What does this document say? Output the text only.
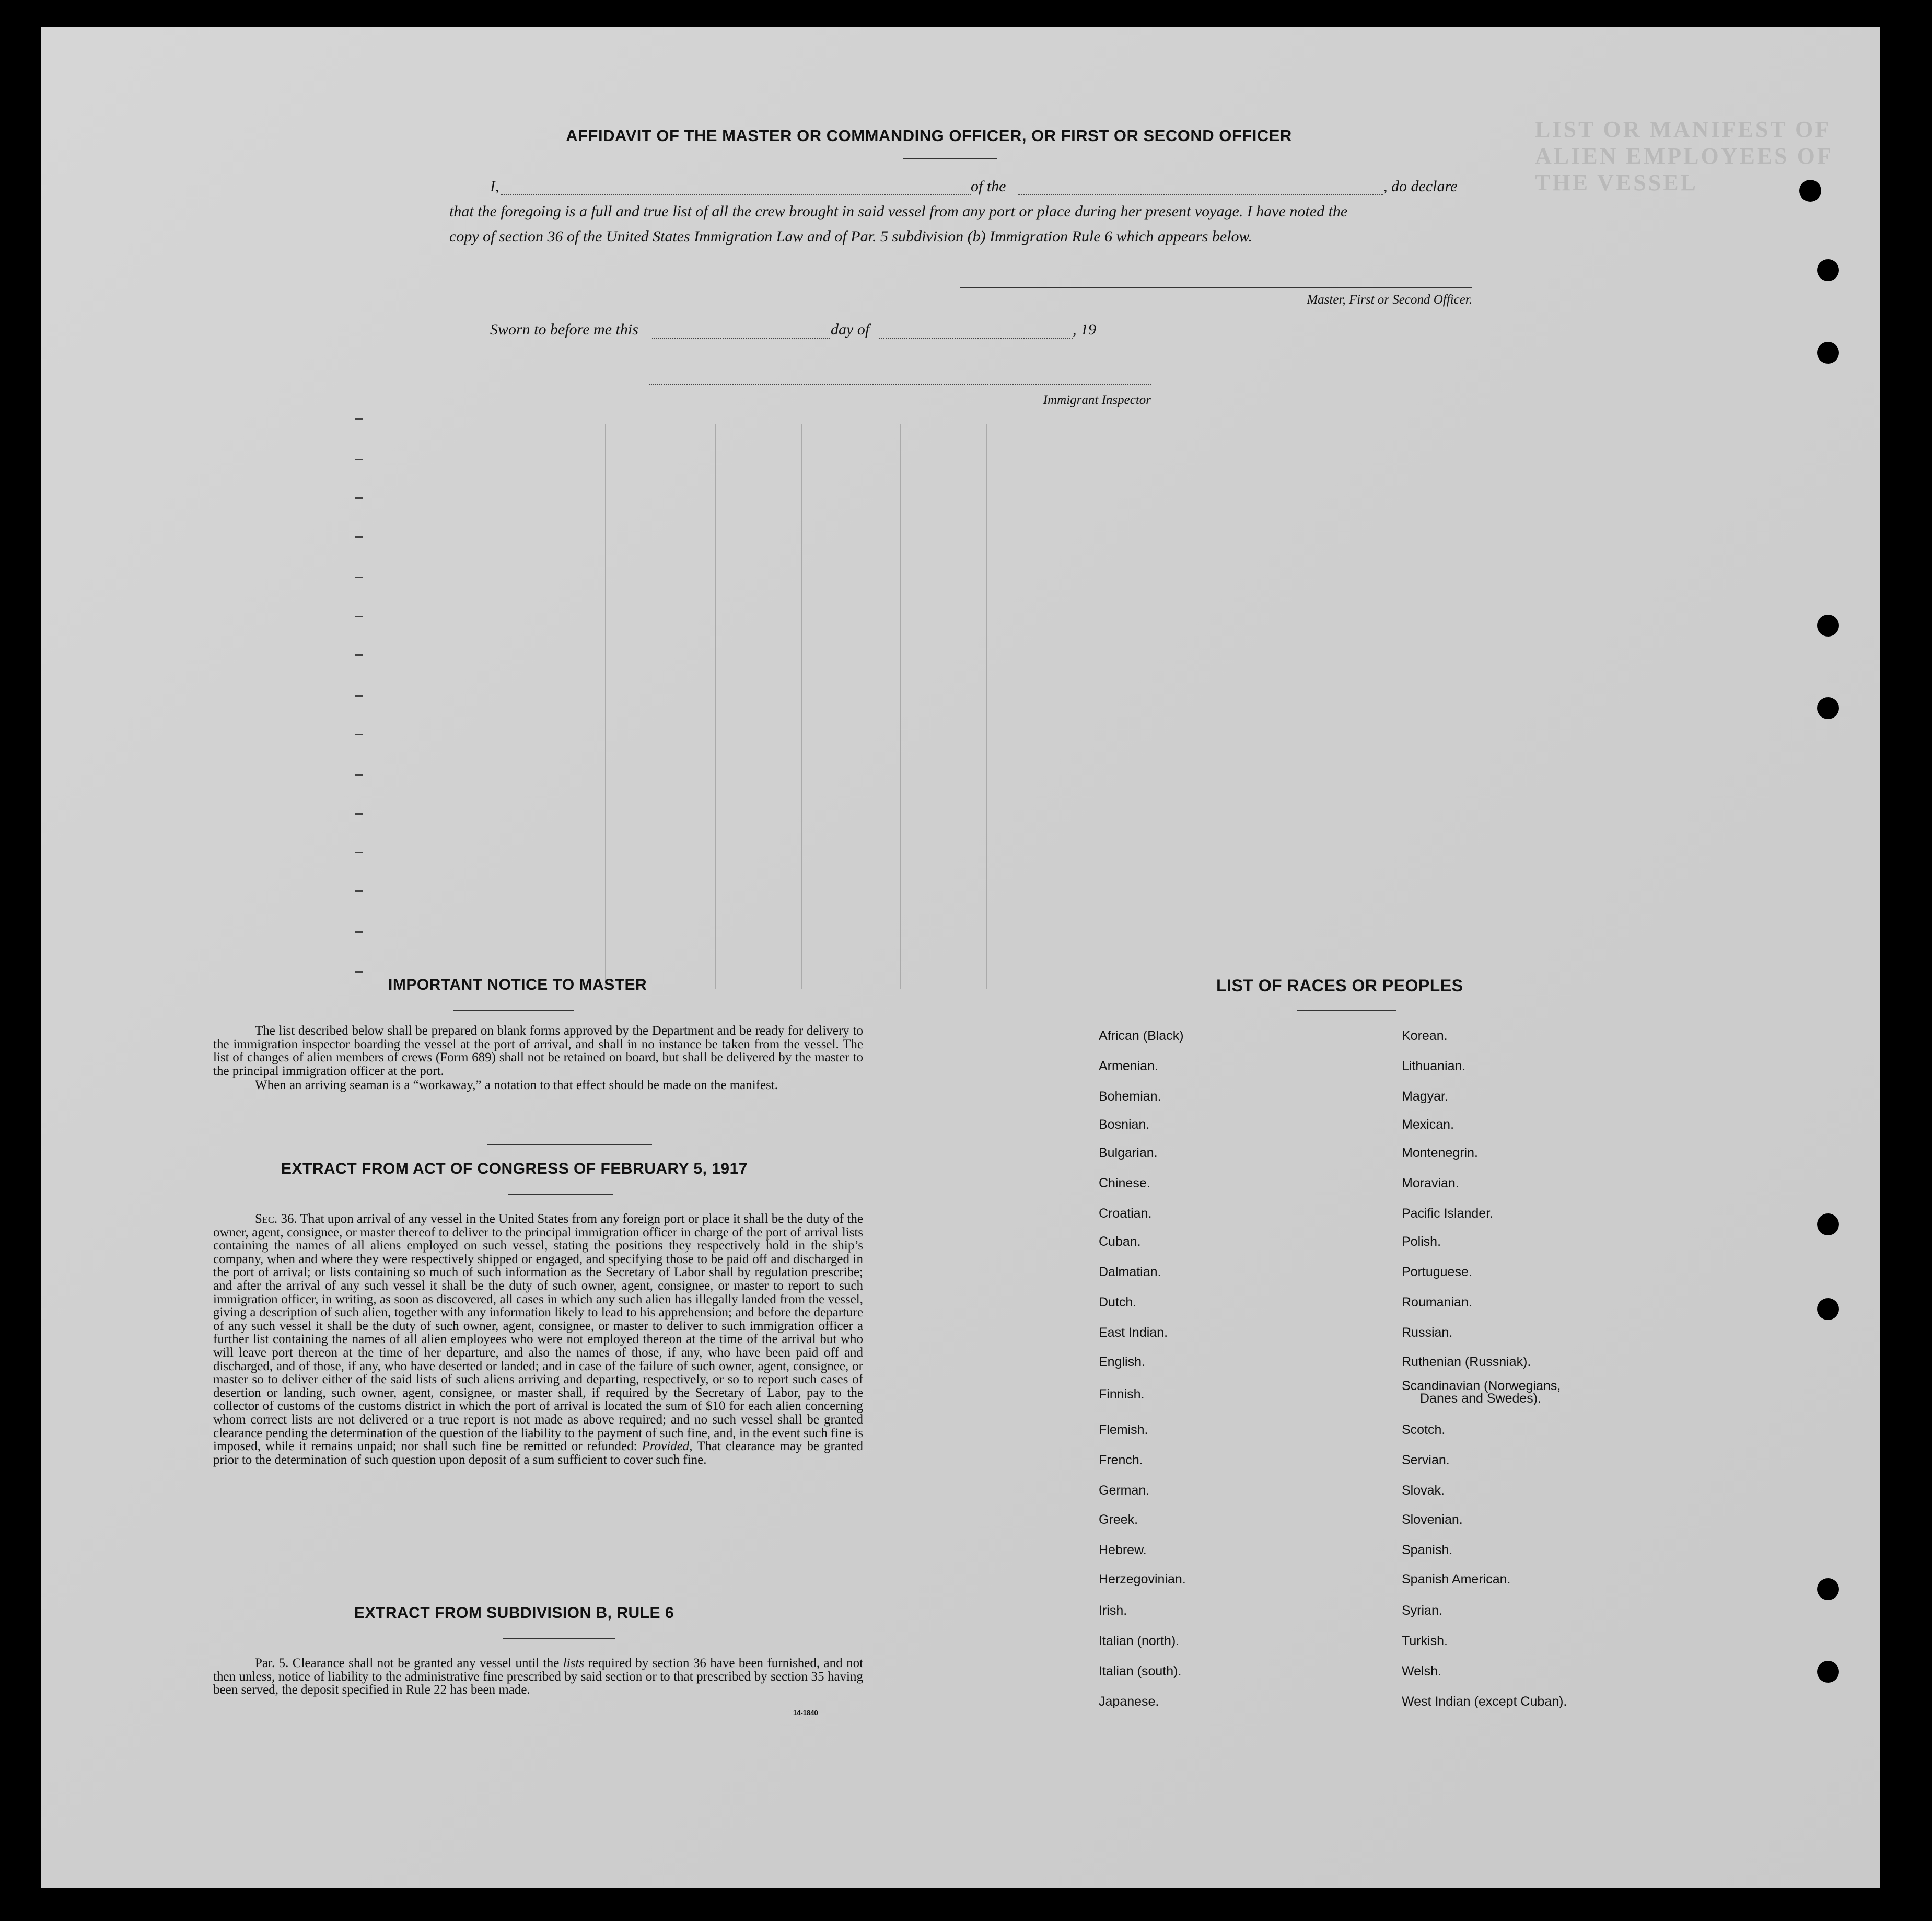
LIST OR MANIFEST OF ALIEN EMPLOYEES OF THE VESSEL
AFFIDAVIT OF THE MASTER OR COMMANDING OFFICER, OR FIRST OR SECOND OFFICER
I,	of the	, do declare
that the foregoing is a full and true list of all the crew brought in said vessel from any port or place during her present voyage. I have noted the
copy of section 36 of the United States Immigration Law and of Par. 5 subdivision (b) Immigration Rule 6 which appears below.
Master, First or Second Officer.
Sworn to before me this	day of	, 19
Immigrant Inspector
IMPORTANT NOTICE TO MASTER
The list described below shall be prepared on blank forms approved by the Department and be ready for delivery to the immigration inspector boarding the vessel at the port of arrival, and shall in no instance be taken from the vessel. The list of changes of alien members of crews (Form 689) shall not be retained on board, but shall be delivered by the master to the principal immigration officer at the port.
When an arriving seaman is a “workaway,” a notation to that effect should be made on the manifest.
EXTRACT FROM ACT OF CONGRESS OF FEBRUARY 5, 1917
Sec. 36. That upon arrival of any vessel in the United States from any foreign port or place it shall be the duty of the owner, agent, consignee, or master thereof to deliver to the principal immigration officer in charge of the port of arrival lists containing the names of all aliens employed on such vessel, stating the positions they respectively hold in the ship’s company, when and where they were respectively shipped or engaged, and specifying those to be paid off and discharged in the port of arrival; or lists containing so much of such information as the Secretary of Labor shall by regulation prescribe; and after the arrival of any such vessel it shall be the duty of such owner, agent, consignee, or master to report to such immigration officer, in writing, as soon as discovered, all cases in which any such alien has illegally landed from the vessel, giving a description of such alien, together with any information likely to lead to his apprehension; and before the departure of any such vessel it shall be the duty of such owner, agent, consignee, or master to deliver to such immigration officer a further list containing the names of all alien employees who were not employed thereon at the time of the arrival but who will leave port thereon at the time of her departure, and also the names of those, if any, who have been paid off and discharged, and of those, if any, who have deserted or landed; and in case of the failure of such owner, agent, consignee, or master so to deliver either of the said lists of such aliens arriving and departing, respectively, or so to report such cases of desertion or landing, such owner, agent, consignee, or master shall, if required by the Secretary of Labor, pay to the collector of customs of the customs district in which the port of arrival is located the sum of $10 for each alien concerning whom correct lists are not delivered or a true report is not made as above required; and no such vessel shall be granted clearance pending the determination of the question of the liability to the payment of such fine, and, in the event such fine is imposed, while it remains unpaid; nor shall such fine be remitted or refunded: Provided, That clearance may be granted prior to the determination of such question upon deposit of a sum sufficient to cover such fine.
EXTRACT FROM SUBDIVISION B, RULE 6
Par. 5. Clearance shall not be granted any vessel until the lists required by section 36 have been furnished, and not then unless, notice of liability to the administrative fine prescribed by said section or to that prescribed by section 35 having been served, the deposit specified in Rule 22 has been made.
14-1840
LIST OF RACES OR PEOPLES
African (Black)
Armenian.
Bohemian.
Bosnian.
Bulgarian.
Chinese.
Croatian.
Cuban.
Dalmatian.
Dutch.
East Indian.
English.
Finnish.
Flemish.
French.
German.
Greek.
Hebrew.
Herzegovinian.
Irish.
Italian (north).
Italian (south).
Japanese.
Korean.
Lithuanian.
Magyar.
Mexican.
Montenegrin.
Moravian.
Pacific Islander.
Polish.
Portuguese.
Roumanian.
Russian.
Ruthenian (Russniak).
Scandinavian (Norwegians,
Danes and Swedes).
Scotch.
Servian.
Slovak.
Slovenian.
Spanish.
Spanish American.
Syrian.
Turkish.
Welsh.
West Indian (except Cuban).
